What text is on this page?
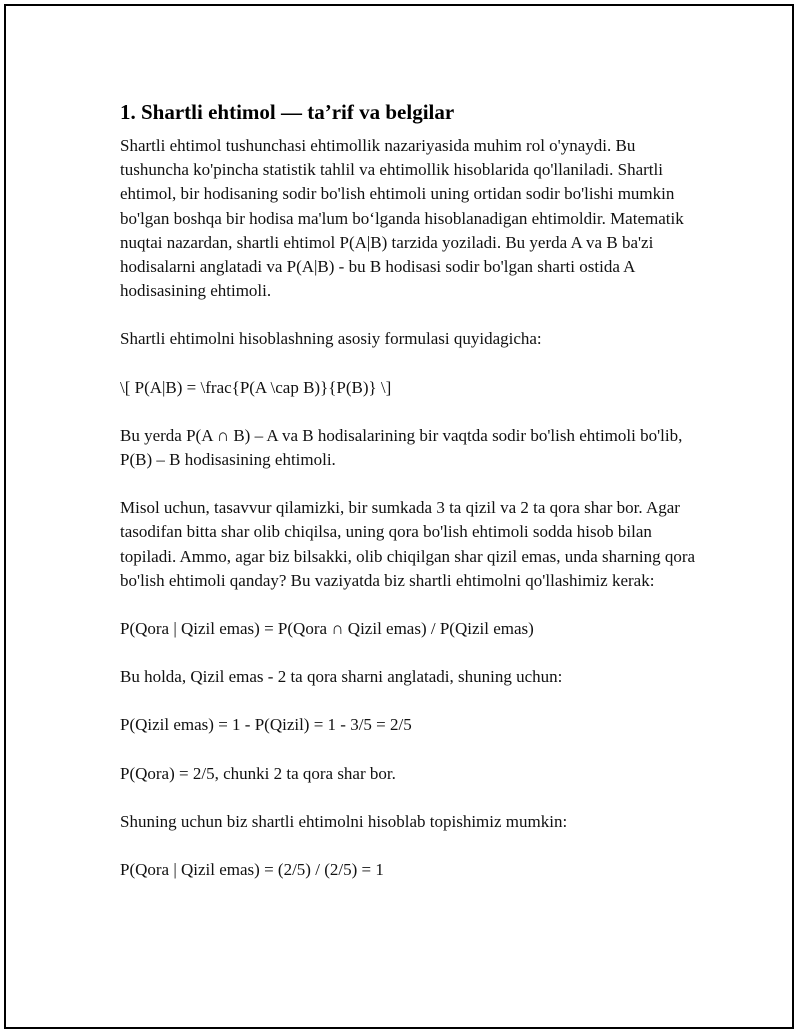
1. Shartli ehtimol — ta’rif va belgilar

Shartli ehtimol tushunchasi ehtimollik nazariyasida muhim rol o'ynaydi. Bu tushuncha ko'pincha statistik tahlil va ehtimollik hisoblarida qo'llaniladi. Shartli ehtimol, bir hodisaning sodir bo'lish ehtimoli uning ortidan sodir bo'lishi mumkin bo'lgan boshqa bir hodisa ma'lum bo‘lganda hisoblanadigan ehtimoldir. Matematik nuqtai nazardan, shartli ehtimol P(A|B) tarzida yoziladi. Bu yerda A va B ba'zi hodisalarni anglatadi va P(A|B) - bu B hodisasi sodir bo'lgan sharti ostida A hodisasining ehtimoli.

Shartli ehtimolni hisoblashning asosiy formulasi quyidagicha:

\[ P(A|B) = \frac{P(A \cap B)}{P(B)} \]

Bu yerda P(A ∩ B) – A va B hodisalarining bir vaqtda sodir bo'lish ehtimoli bo'lib, P(B) – B hodisasining ehtimoli.

Misol uchun, tasavvur qilamizki, bir sumkada 3 ta qizil va 2 ta qora shar bor. Agar tasodifan bitta shar olib chiqilsa, uning qora bo'lish ehtimoli sodda hisob bilan topiladi. Ammo, agar biz bilsakki, olib chiqilgan shar qizil emas, unda sharning qora bo'lish ehtimoli qanday? Bu vaziyatda biz shartli ehtimolni qo'llashimiz kerak:

P(Qora | Qizil emas) = P(Qora ∩ Qizil emas) / P(Qizil emas)

Bu holda, Qizil emas - 2 ta qora sharni anglatadi, shuning uchun:

P(Qizil emas) = 1 - P(Qizil) = 1 - 3/5 = 2/5

P(Qora) = 2/5, chunki 2 ta qora shar bor.

Shuning uchun biz shartli ehtimolni hisoblab topishimiz mumkin:

P(Qora | Qizil emas) = (2/5) / (2/5) = 1
